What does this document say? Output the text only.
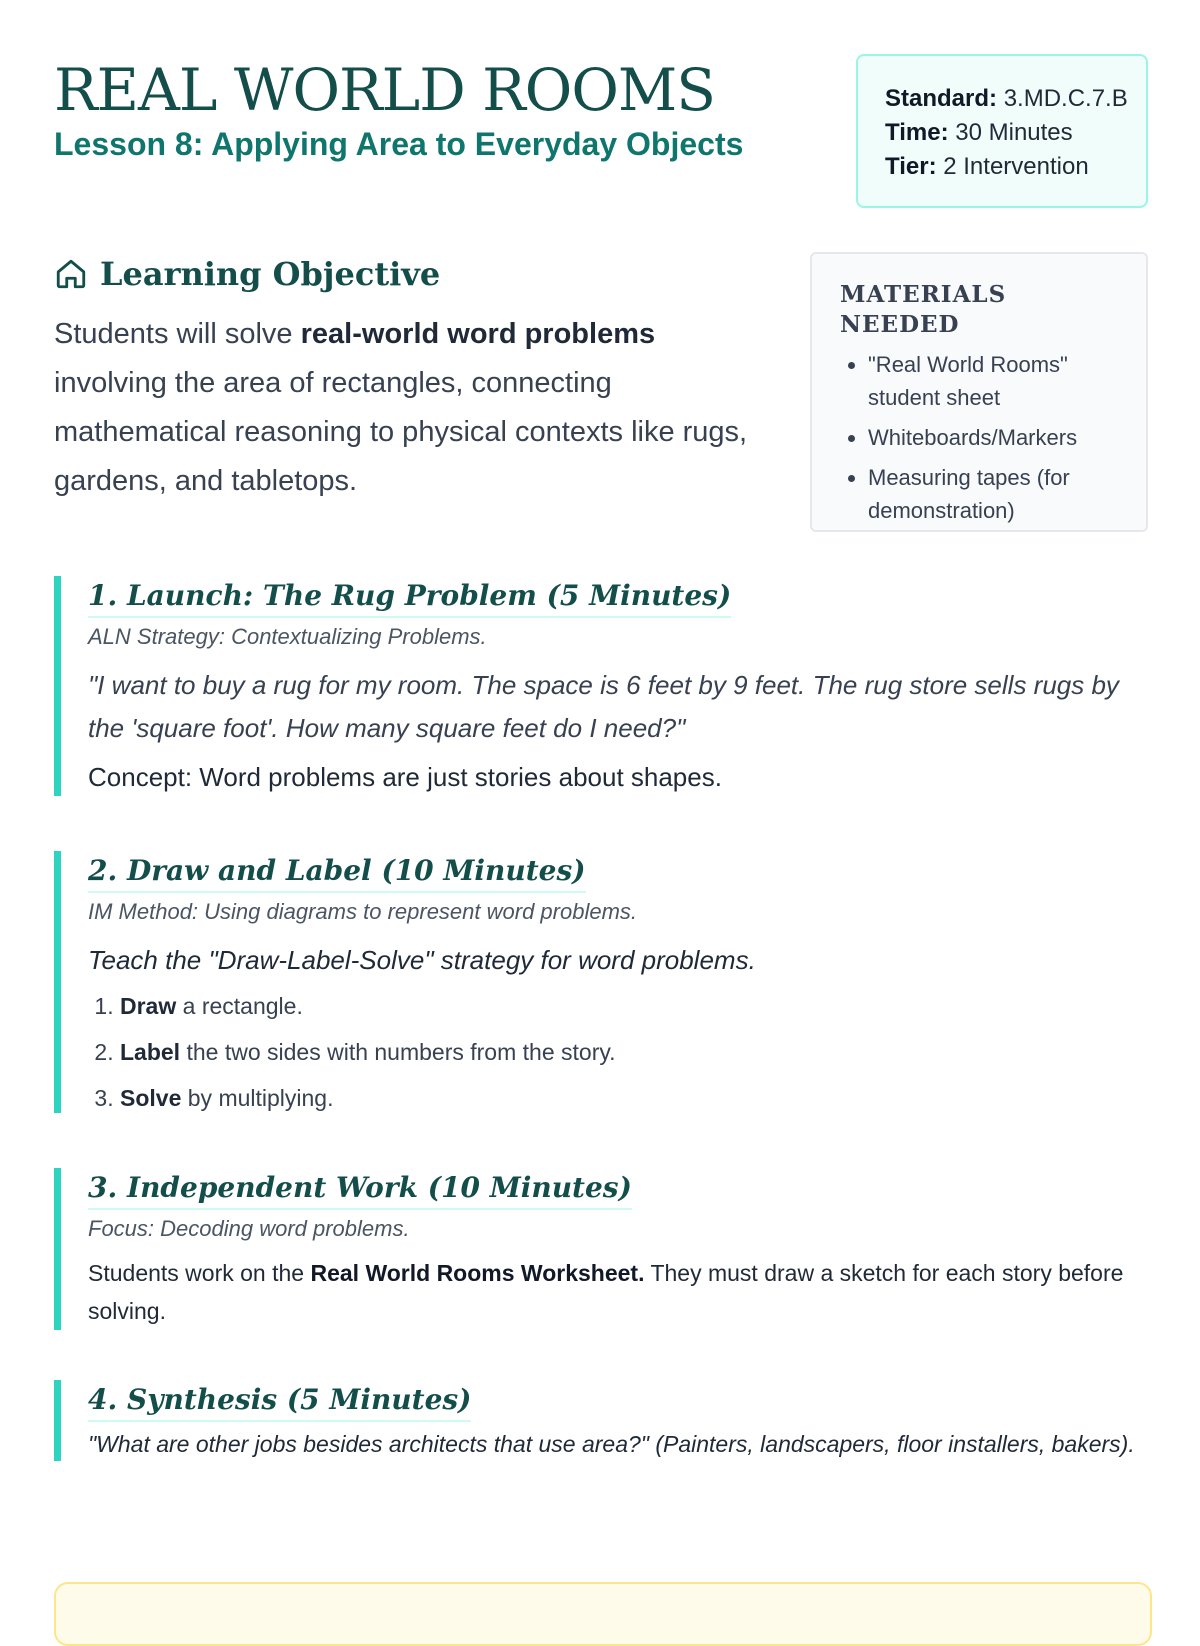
REAL WORLD ROOMS
Lesson 8: Applying Area to Everyday Objects
Standard: 3.MD.C.7.B
Time: 30 Minutes
Tier: 2 Intervention
Learning Objective

Students will solve real-world word problems involving the area of rectangles, connecting mathematical reasoning to physical contexts like rugs, gardens, and tabletops.

MATERIALS NEEDED
• "Real World Rooms" student sheet
• Whiteboards/Markers
• Measuring tapes (for demonstration)
1. Launch: The Rug Problem (5 Minutes)

ALN Strategy: Contextualizing Problems.

"I want to buy a rug for my room. The space is 6 feet by 9 feet. The rug store sells rugs by the 'square foot'. How many square feet do I need?"

Concept: Word problems are just stories about shapes.

2. Draw and Label (10 Minutes)

IM Method: Using diagrams to represent word problems.

Teach the "Draw-Label-Solve" strategy for word problems.

1. Draw a rectangle.
2. Label the two sides with numbers from the story.
3. Solve by multiplying.
3. Independent Work (10 Minutes)

Focus: Decoding word problems.

Students work on the Real World Rooms Worksheet. They must draw a sketch for each story before solving.

4. Synthesis (5 Minutes)

"What are other jobs besides architects that use area?" (Painters, landscapers, floor installers, bakers).
